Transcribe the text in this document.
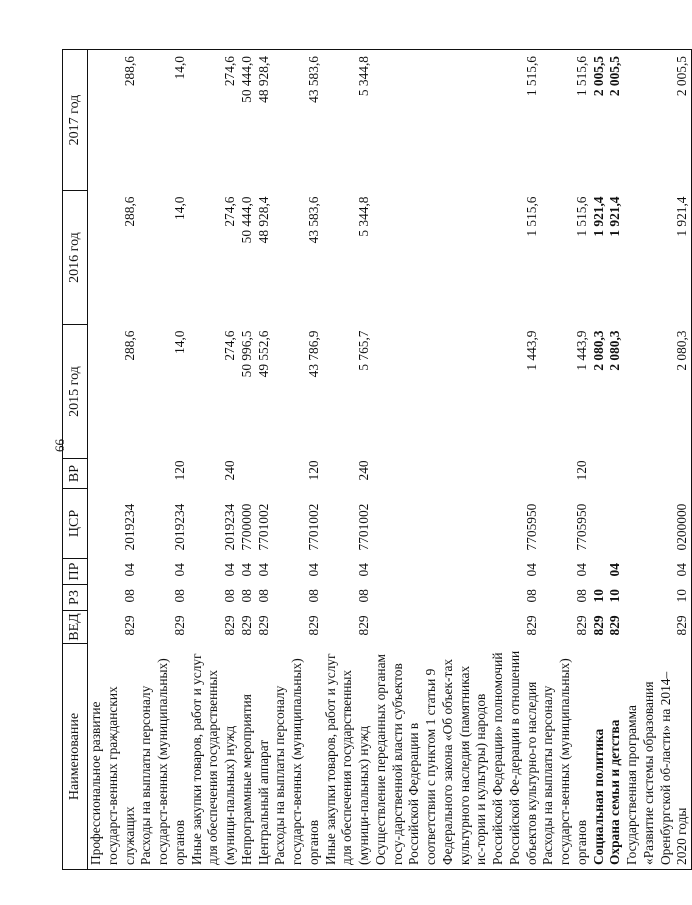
66
Наименование	ВЕД	РЗ	ПР	ЦСР	ВР	2015 год	2016 год	2017 год
Профессиональное развитие государст-венных гражданских служащих	829	08	04	2019234		288,6	288,6	288,6
Расходы на выплаты персоналу государст-венных (муниципальных) органов	829	08	04	2019234	120	14,0	14,0	14,0
Иные закупки товаров, работ и услуг для обеспечения государственных (муници-пальных) нужд	829	08	04	2019234	240	274,6	274,6	274,6
Непрограммные мероприятия	829	08	04	7700000		50 996,5	50 444,0	50 444,0
Центральный аппарат	829	08	04	7701002		49 552,6	48 928,4	48 928,4
Расходы на выплаты персоналу государст-венных (муниципальных) органов	829	08	04	7701002	120	43 786,9	43 583,6	43 583,6
Иные закупки товаров, работ и услуг для обеспечения государственных (муници-пальных) нужд	829	08	04	7701002	240	5 765,7	5 344,8	5 344,8
Осуществление переданных органам госу-дарственной власти субъектов Российской Федерации в соответствии с пунктом 1 статьи 9 Федерального закона «Об объек-тах культурного наследия (памятниках ис-тории и культуры) народов Российской Федерации» полномочий Российской Фе-дерации в отношении объектов культурно-го наследия	829	08	04	7705950		1 443,9	1 515,6	1 515,6
Расходы на выплаты персоналу государст-венных (муниципальных) органов	829	08	04	7705950	120	1 443,9	1 515,6	1 515,6
Социальная политика	829	10				2 080,3	1 921,4	2 005,5
Охрана семьи и детства	829	10	04			2 080,3	1 921,4	2 005,5
Государственная программа «Развитие системы образования Оренбургской об-ласти» на 2014–2020 годы	829	10	04	0200000		2 080,3	1 921,4	2 005,5
